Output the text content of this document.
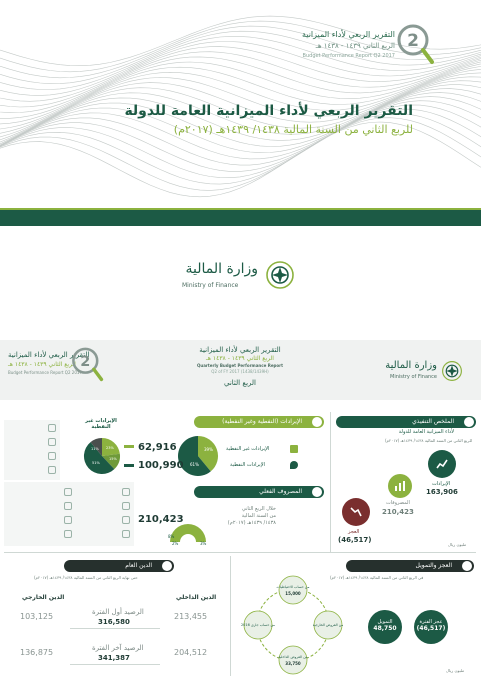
التقرير الربعي لأداء الميزانية
الربع الثاني ١٤٣٩ - ١٤٣٨ هـ
Budget Performance Report Q2 2017
2
التقرير الربعي لأداء الميزانية العامة للدولة
للربع الثاني من السنة المالية ١٤٣٨/ ١٤٣٩هـ (٢٠١٧م)
وزارة المالية
Ministry of Finance
التقرير الربعي لأداء الميزانية
الربع الثاني ١٤٣٩ - ١٤٣٨ هـ
Budget Performance Report Q2 2017
2
التقرير الربعي لأداء الميزانية
الربع الثاني ١٤٣٩ - ١٤٣٨ هـ
Quarterly Budget Performance Report
Q2 of FY 2017 (1438/1439H)
الربع الثاني
وزارة المالية
Ministry of Finance
الملخص التنفيذي
لأداء الميزانية العامة للدولة
للربع الثاني من السنة المالية ١٤٣٨/ ١٤٣٩هـ (٢٠١٧م)
الإيرادات
163,906
المصروفات
210,423
العجز
(46,517)
مليون ريال
الإيرادات (النفطية وغير النفطية)
الإيرادات غير النفطية
الإيرادات النفطية
39%
61%
62,916
100,990
الإيرادات غير النفطية
23%
15%
51%
11%
المصروف الفعلي
خلال الربع الثاني
من السنة المالية
١٤٣٨/ ١٤٣٩هـ (٢٠١٧م)
8%
2%	3%
210,423
الدين العام
حتى نهاية الربع الثاني من السنة المالية ١٤٣٨/ ١٤٣٩هـ (٢٠١٧م)
الدين الداخلي
الدين الخارجي
الرصيد أول الفترة
316,580
213,455
103,125
الرصيد آخر الفترة
341,387
204,512
136,875
العجز والتمويل
في الربع الثاني من السنة المالية ١٤٣٨/ ١٤٣٩هـ (٢٠١٧م)
من حساب الاحتياطيات
15,000
من القروض الخارجية
من القروض الداخلية
33,750
من حساب جاري 2016	التمويل
48,750
عجز الفترة
(46,517)
مليون ريال
